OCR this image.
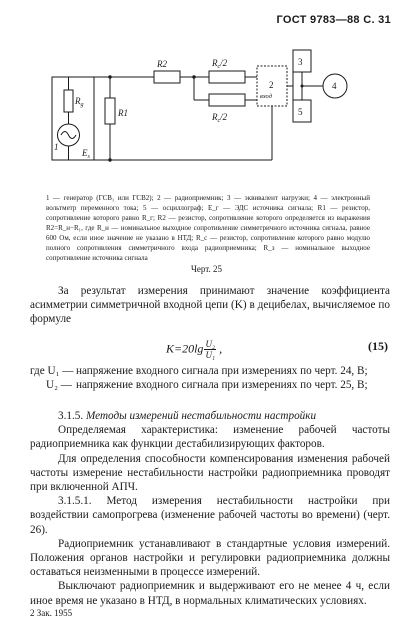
ГОСТ 9783—88 С. 31
R2
R1
$R_c/2$
$R_c/2$
$R_g$
$E_s$
1
3
5
4
2
вход
1 — генератор (ГСВ₁ или ГСВ2); 2 — радиоприемник; 3 — эквивалент нагрузки; 4 — электронный вольтметр переменного тока; 5 — осциллограф; Е_г — ЭДС источника сигнала; R1 — резистор, сопротивление которого равно R_г; R2 — резистор, сопротивление которого определяется из выражения R2=R_н−R₁, где R_н — номинальное выходное сопротивление симметричного источника сигнала, равное 600 Ом, если иное значение не указано в НТД; R_c — резистор, сопротивление которого равно модулю полного сопротивления симметричного входа радиоприемника; R_з — номинальное выходное сопротивление источника сигнала
Черт. 25

За результат измерения принимают значение коэффициента асимметрии симметричной входной цепи (K) в децибелах, вычисляемое по формуле

$K=20\lg \frac{\text{U₂}}{\text{U₁}}$ ,	(15)
где U₁ — напряжение входного сигнала при измерениях по черт. 24, В;
U₂ — напряжение входного сигнала при измерениях по черт. 25, В;

3.1.5. Методы измерений нестабильности настройки

Определяемая характеристика: изменение рабочей частоты радиоприемника как функции дестабилизирующих факторов.

Для определения способности компенсирования изменения рабочей частоты измерение нестабильности настройки радиоприемника проводят при включенной АПЧ.

3.1.5.1. Метод измерения нестабильности настройки при воздействии самопрогрева (изменение рабочей частоты во времени) (черт. 26).

Радиоприемник устанавливают в стандартные условия измерений. Положения органов настройки и регулировки радиоприемника должны оставаться неизменными в процессе измерений.

Выключают радиоприемник и выдерживают его не менее 4 ч, если иное время не указано в НТД, в нормальных климатических условиях.

2 Зак. 1955
